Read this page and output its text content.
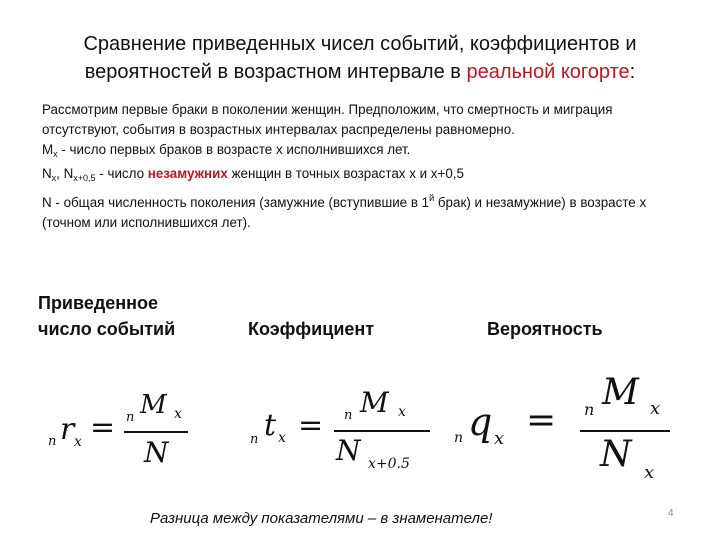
Сравнение приведенных чисел событий, коэффициентов и
вероятностей в возрастном интервале в реальной когорте:

Рассмотрим первые браки в поколении женщин. Предположим, что смертность и миграция отсутствуют, события в возрастных интервалах распределены равномерно.

$M_x$ - число первых браков в возрасте х исполнившихся лет.

$N_x$, $N_{x+0,5}$ - число незамужних женщин в точных возрастах х и х+0,5

N - общая численность поколения (замужние (вступившие в $1^й$ брак) и незамужние) в возрасте х (точном или исполнившихся лет).

Приведенное
число событий	Коэффициент	Вероятность
n r x = n M x
N	n t x = n M x
N x+0.5
n q x = n M x
N x
Разница между показателями – в знаменателе!	4
